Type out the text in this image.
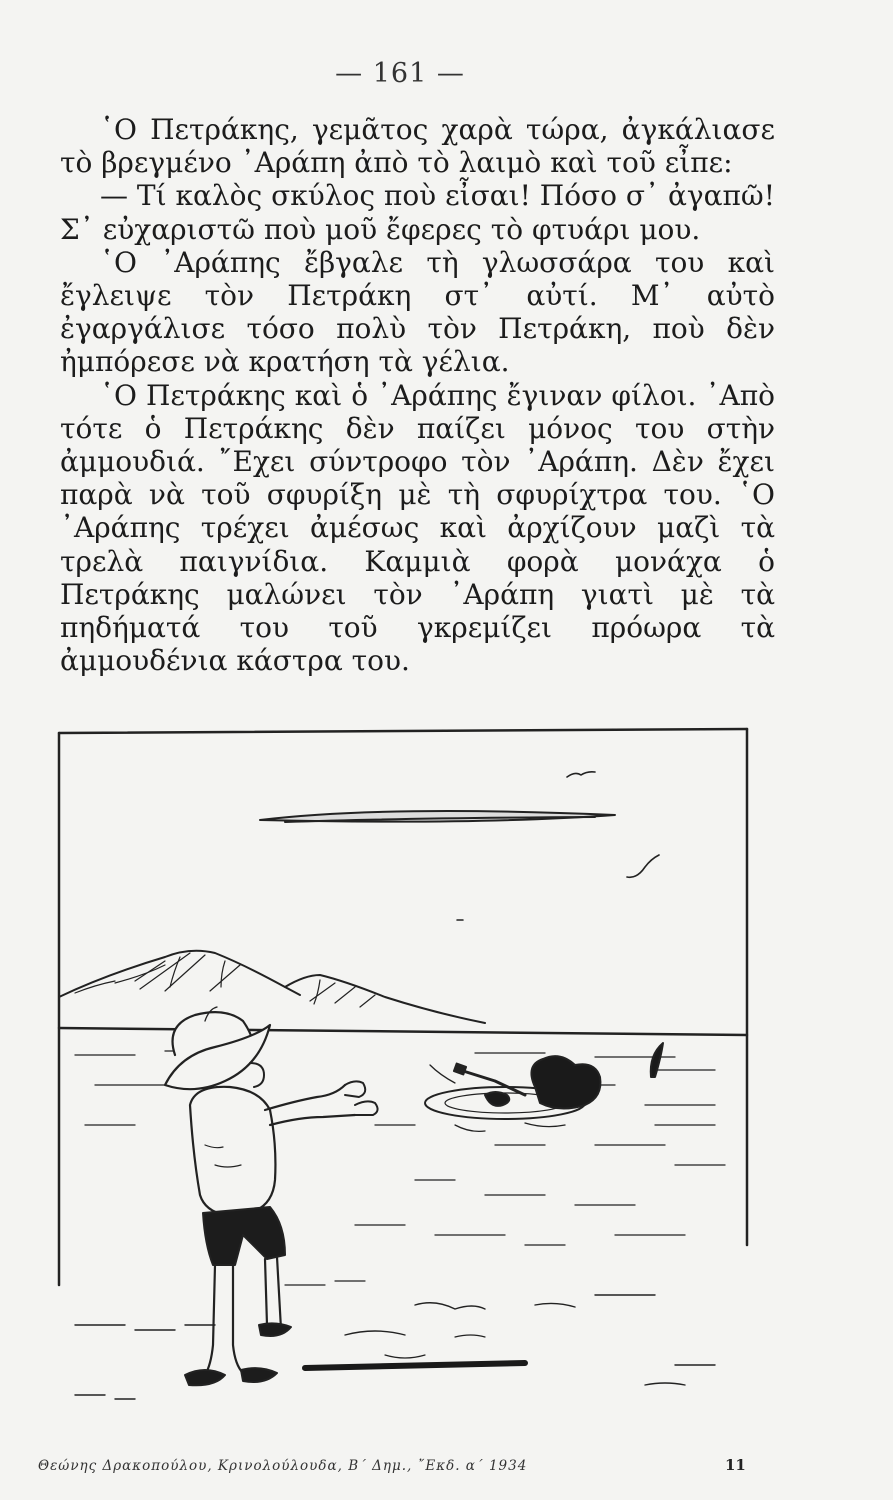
— 161 —

῾Ο Πετράκης, γεμᾶτος χαρὰ τώρα, ἀγκάλιασε τὸ βρεγμένο ᾿Αράπη ἀπὸ τὸ λαιμὸ καὶ τοῦ εἶπε:

— Τί καλὸς σκύλος ποὺ εἶσαι! Πόσο σ᾿ ἀγαπῶ! Σ᾿ εὐχαριστῶ ποὺ μοῦ ἔφερες τὸ φτυάρι μου.

῾Ο ᾿Αράπης ἔβγαλε τὴ γλωσσάρα του καὶ ἔγλειψε τὸν Πετράκη στ᾿ αὐτί. Μ᾿ αὐτὸ ἐγαργάλισε τόσο πολὺ τὸν Πετράκη, ποὺ δὲν ἠμπόρεσε νὰ κρατήση τὰ γέλια.

῾Ο Πετράκης καὶ ὁ ᾿Αράπης ἔγιναν φίλοι. ᾿Απὸ τότε ὁ Πετράκης δὲν παίζει μόνος του στὴν ἀμμουδιά. ῎Εχει σύντροφο τὸν ᾿Αράπη. Δὲν ἔχει παρὰ νὰ τοῦ σφυρίξη μὲ τὴ σφυρίχτρα του. ῾Ο ᾿Αράπης τρέχει ἀμέσως καὶ ἀρχίζουν μαζὶ τὰ τρελὰ παιγνίδια. Καμμιὰ φορὰ μονάχα ὁ Πετράκης μαλώνει τὸν ᾿Αράπη γιατὶ μὲ τὰ πηδήματά του τοῦ γκρεμίζει πρόωρα τὰ ἀμμουδένια κάστρα του.

Θεώνης Δρακοπούλου, Κρινολούλουδα, Β΄ Δημ., ῎Εκδ. α΄ 1934	11
